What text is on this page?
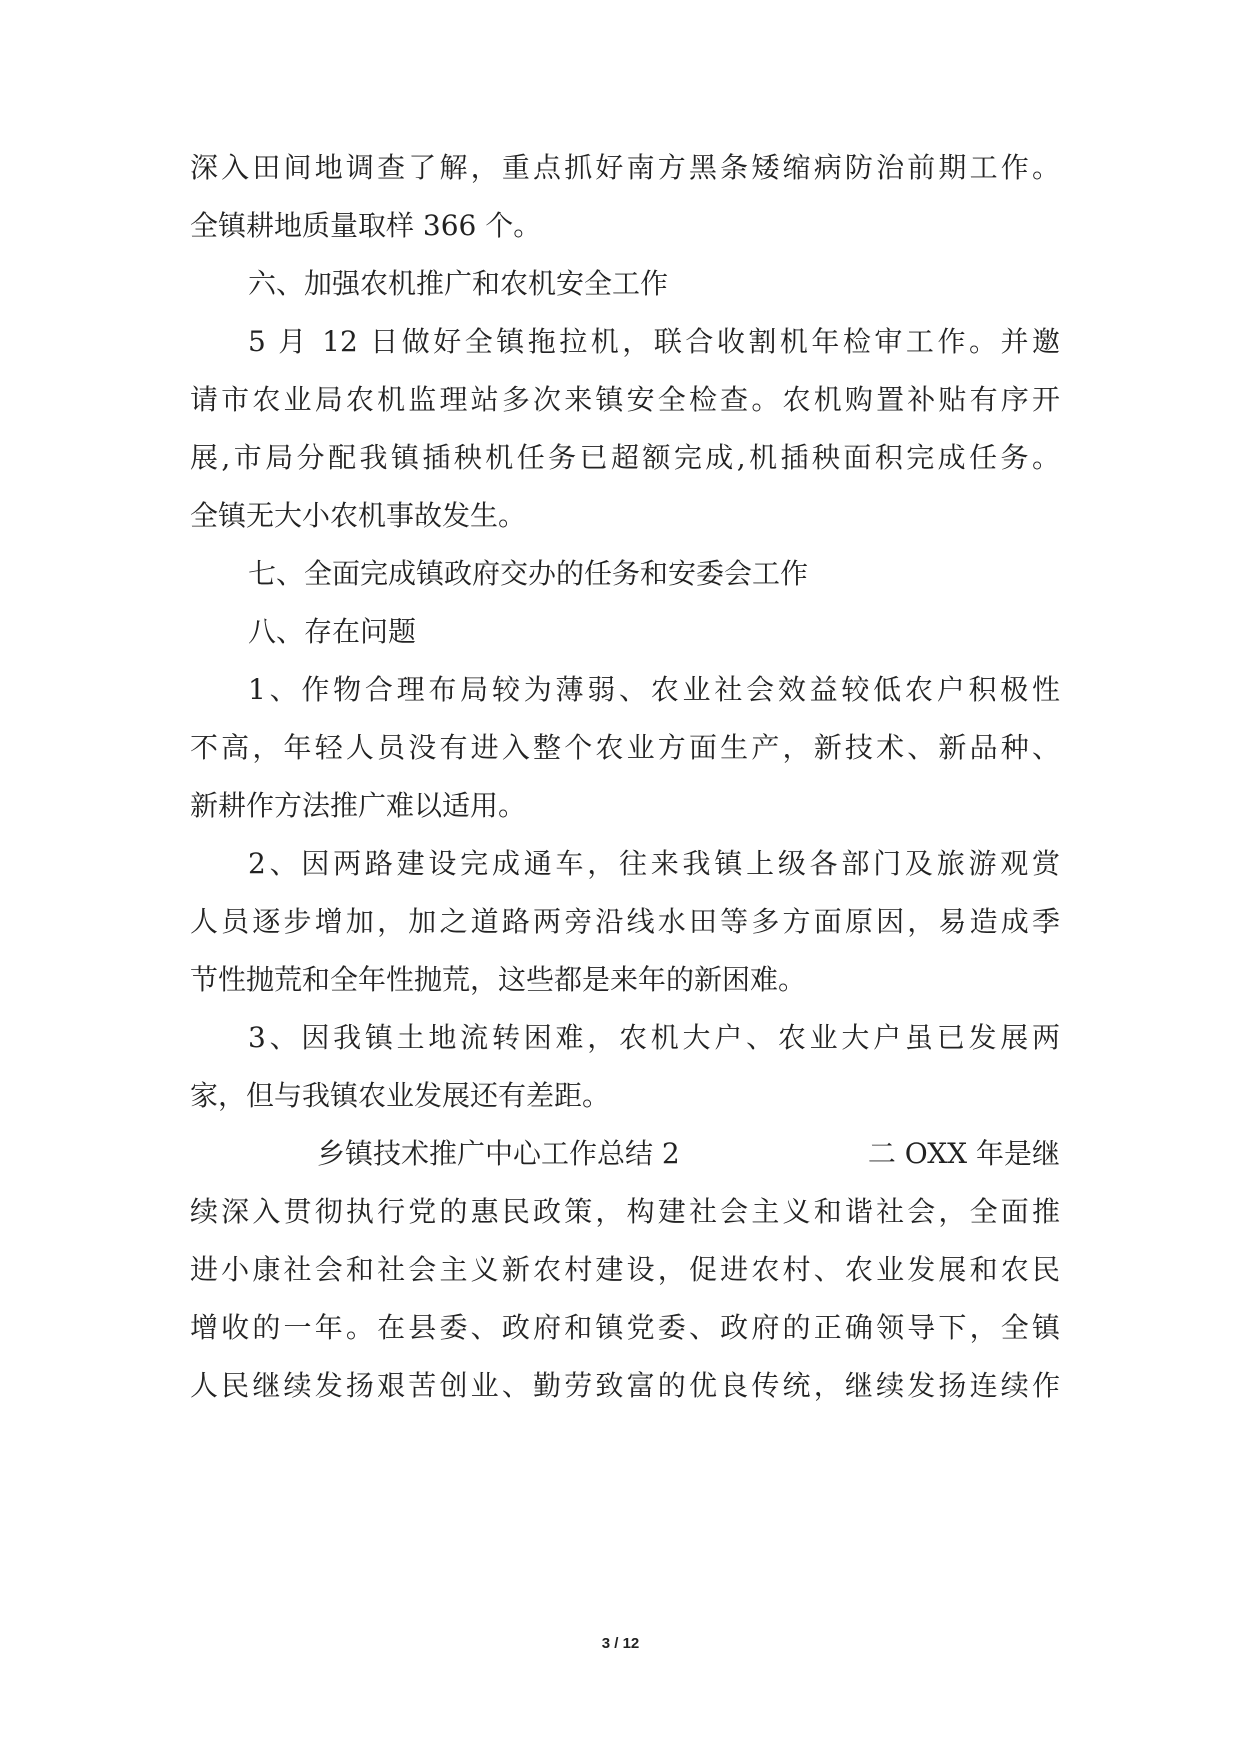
深入田间地调查了解，重点抓好南方黑条矮缩病防治前期工作。
全镇耕地质量取样 366 个。
六、加强农机推广和农机安全工作
5 月 12 日做好全镇拖拉机，联合收割机年检审工作。并邀
请市农业局农机监理站多次来镇安全检查。农机购置补贴有序开
展,市局分配我镇插秧机任务已超额完成,机插秧面积完成任务。
全镇无大小农机事故发生。
七、全面完成镇政府交办的任务和安委会工作
八、存在问题
1、作物合理布局较为薄弱、农业社会效益较低农户积极性
不高，年轻人员没有进入整个农业方面生产，新技术、新品种、
新耕作方法推广难以适用。
2、因两路建设完成通车，往来我镇上级各部门及旅游观赏
人员逐步增加，加之道路两旁沿线水田等多方面原因，易造成季
节性抛荒和全年性抛荒，这些都是来年的新困难。
3、因我镇土地流转困难，农机大户、农业大户虽已发展两
家，但与我镇农业发展还有差距。
乡镇技术推广中心工作总结 2	二 OXX 年是继
续深入贯彻执行党的惠民政策，构建社会主义和谐社会，全面推
进小康社会和社会主义新农村建设，促进农村、农业发展和农民
增收的一年。在县委、政府和镇党委、政府的正确领导下，全镇
人民继续发扬艰苦创业、勤劳致富的优良传统，继续发扬连续作
3 / 12
